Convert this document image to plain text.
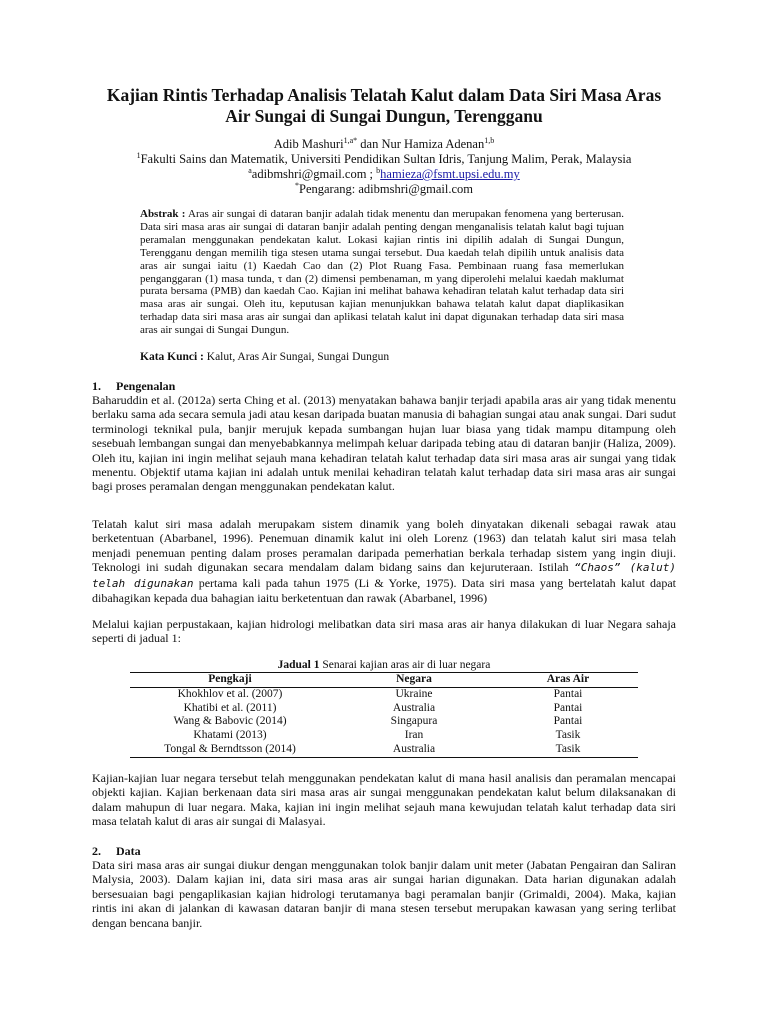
Kajian Rintis Terhadap Analisis Telatah Kalut dalam Data Siri Masa Aras
Air Sungai di Sungai Dungun, Terengganu
Adib Mashuri$^{1,a*}$ dan Nur Hamiza Adenan$^{1,b}$
$^1$Fakulti Sains dan Matematik, Universiti Pendidikan Sultan Idris, Tanjung Malim, Perak, Malaysia
$^a$adibmshri@gmail.com ; $^b$hamieza@fsmt.upsi.edu.my
*Pengarang: adibmshri@gmail.com
Abstrak : Aras air sungai di dataran banjir adalah tidak menentu dan merupakan fenomena yang berterusan. Data siri masa aras air sungai di dataran banjir adalah penting dengan menganalisis telatah kalut bagi tujuan peramalan menggunakan pendekatan kalut. Lokasi kajian rintis ini dipilih adalah di Sungai Dungun, Terengganu dengan memilih tiga stesen utama sungai tersebut. Dua kaedah telah dipilih untuk analisis data aras air sungai iaitu (1) Kaedah Cao dan (2) Plot Ruang Fasa. Pembinaan ruang fasa memerlukan penganggaran (1) masa tunda, τ dan (2) dimensi pembenaman, m yang diperolehi melalui kaedah maklumat purata bersama (PMB) dan kaedah Cao. Kajian ini melihat bahawa kehadiran telatah kalut terhadap data siri masa aras air sungai. Oleh itu, keputusan kajian menunjukkan bahawa telatah kalut dapat diaplikasikan terhadap data siri masa aras air sungai dan aplikasi telatah kalut ini dapat digunakan terhadap data siri masa aras air sungai di Sungai Dungun.
Kata Kunci : Kalut, Aras Air Sungai, Sungai Dungun
1. Pengenalan
Baharuddin et al. (2012a) serta Ching et al. (2013) menyatakan bahawa banjir terjadi apabila aras air yang tidak menentu berlaku sama ada secara semula jadi atau kesan daripada buatan manusia di bahagian sungai atau anak sungai. Dari sudut terminologi teknikal pula, banjir merujuk kepada sumbangan hujan luar biasa yang tidak mampu ditampung oleh sesebuah lembangan sungai dan menyebabkannya melimpah keluar daripada tebing atau di dataran banjir (Haliza, 2009). Oleh itu, kajian ini ingin melihat sejauh mana kehadiran telatah kalut terhadap data siri masa aras air sungai yang tidak menentu. Objektif utama kajian ini adalah untuk menilai kehadiran telatah kalut terhadap data siri masa aras air sungai bagi proses peramalan dengan menggunakan pendekatan kalut.
Telatah kalut siri masa adalah merupakam sistem dinamik yang boleh dinyatakan dikenali sebagai rawak atau berketentuan (Abarbanel, 1996). Penemuan dinamik kalut ini oleh Lorenz (1963) dan telatah kalut siri masa telah menjadi penemuan penting dalam proses peramalan daripada pemerhatian berkala terhadap sistem yang ingin diuji. Teknologi ini sudah digunakan secara mendalam dalam bidang sains dan kejuruteraan. Istilah “Chaos” (kalut) telah digunakan pertama kali pada tahun 1975 (Li & Yorke, 1975). Data siri masa yang bertelatah kalut dapat dibahagikan kepada dua bahagian iaitu berketentuan dan rawak (Abarbanel, 1996)
Melalui kajian perpustakaan, kajian hidrologi melibatkan data siri masa aras air hanya dilakukan di luar Negara sahaja seperti di jadual 1:
Jadual 1 Senarai kajian aras air di luar negara
Pengkaji	Negara	Aras Air
Khokhlov et al. (2007)	Ukraine	Pantai
Khatibi et al. (2011)	Australia	Pantai
Wang & Babovic (2014)	Singapura	Pantai
Khatami (2013)	Iran	Tasik
Tongal & Berndtsson (2014)	Australia	Tasik
Kajian-kajian luar negara tersebut telah menggunakan pendekatan kalut di mana hasil analisis dan peramalan mencapai objekti kajian. Kajian berkenaan data siri masa aras air sungai menggunakan pendekatan kalut belum dilaksanakan di dalam mahupun di luar negara. Maka, kajian ini ingin melihat sejauh mana kewujudan telatah kalut terhadap data siri masa telatah kalut di aras air sungai di Malasyai.
2. Data
Data siri masa aras air sungai diukur dengan menggunakan tolok banjir dalam unit meter (Jabatan Pengairan dan Saliran Malysia, 2003). Dalam kajian ini, data siri masa aras air sungai harian digunakan. Data harian digunakan adalah bersesuaian bagi pengaplikasian kajian hidrologi terutamanya bagi peramalan banjir (Grimaldi, 2004). Maka, kajian rintis ini akan di jalankan di kawasan dataran banjir di mana stesen tersebut merupakan kawasan yang sering terlibat dengan bencana banjir.
